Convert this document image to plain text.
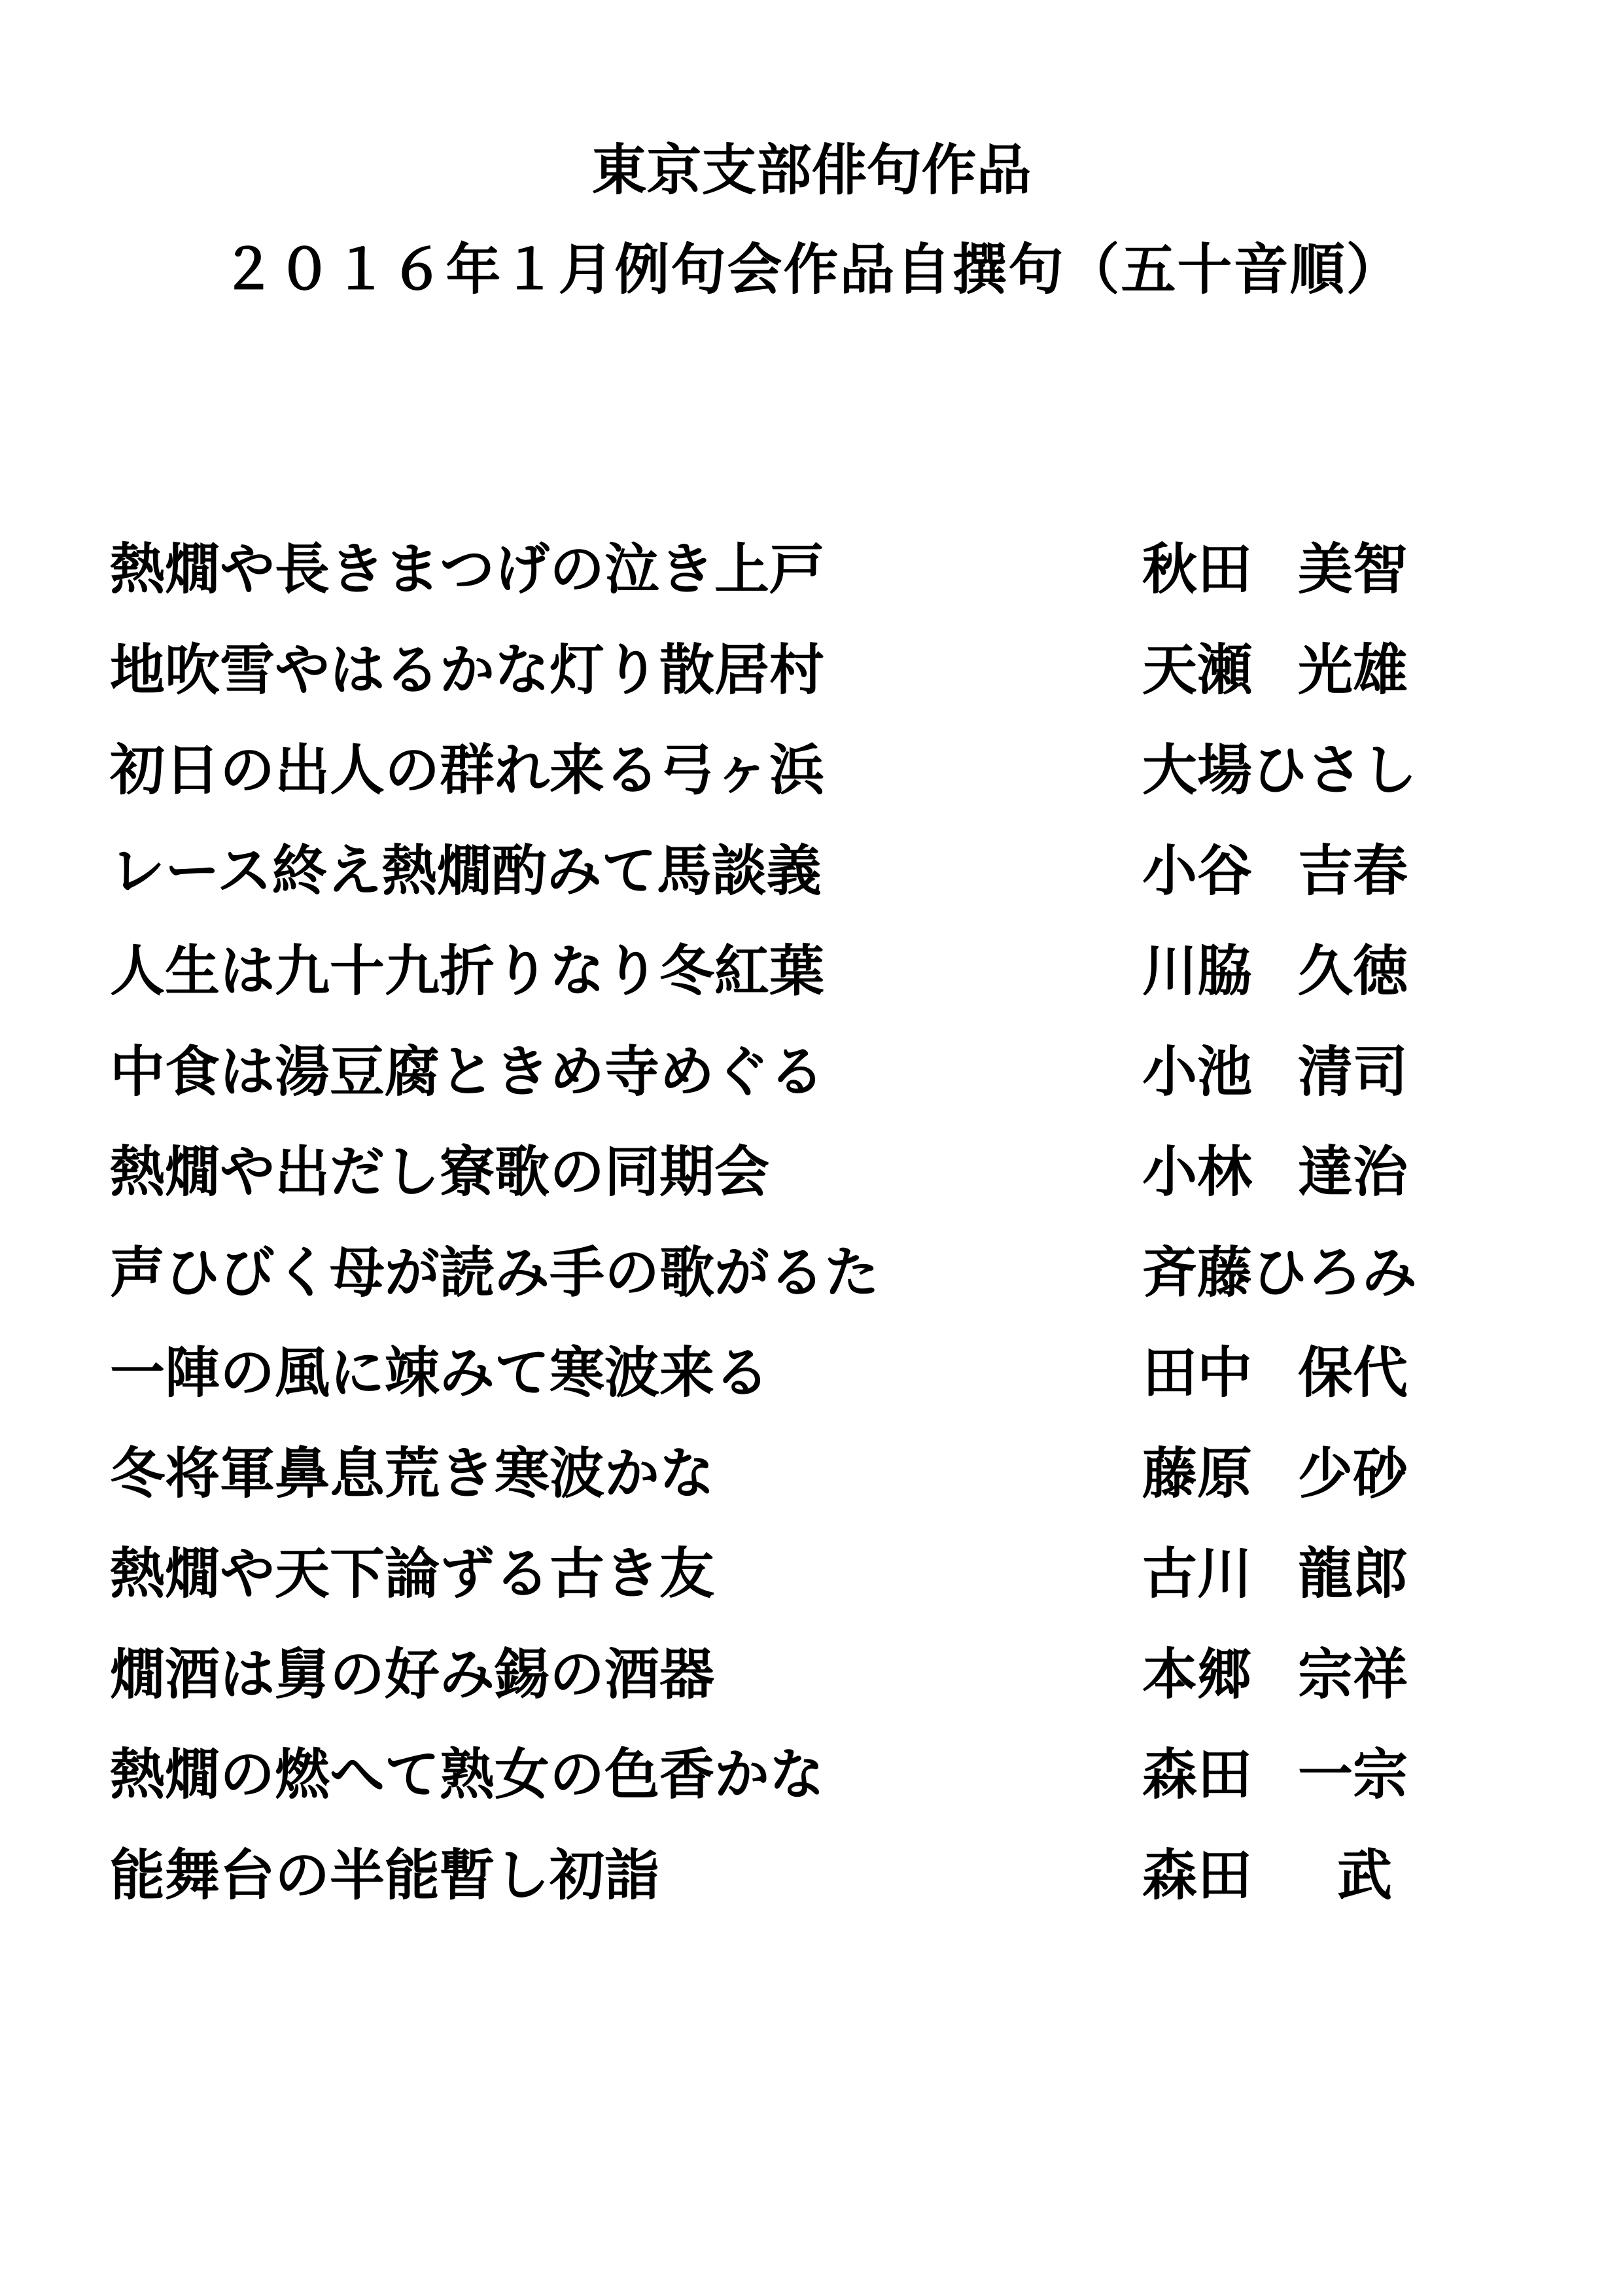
東京支部俳句作品
２０１６年１月例句会作品自撰句（五十音順）
熱燗や長きまつげの泣き上戸	秋田 美智
地吹雪やはるかな灯り散居村	天瀬 光雄
初日の出人の群れ来る弓ヶ浜	大場ひさし
レース終え熱燗酌みて馬談義	小谷 吉春
人生は九十九折りなり冬紅葉	川脇 久徳
中食は湯豆腐ときめ寺めぐる	小池 清司
熱燗や出だし寮歌の同期会	小林 達治
声ひびく母が読み手の歌がるた	斉藤ひろみ
一陣の風に竦みて寒波来る	田中 保代
冬将軍鼻息荒き寒波かな	藤原 少砂
熱燗や天下論ずる古き友	古川 龍郎
燗酒は舅の好み錫の酒器	本郷 宗祥
熱燗の燃へて熟女の色香かな	森田 一宗
能舞台の半能暫し初詣	森田 武
